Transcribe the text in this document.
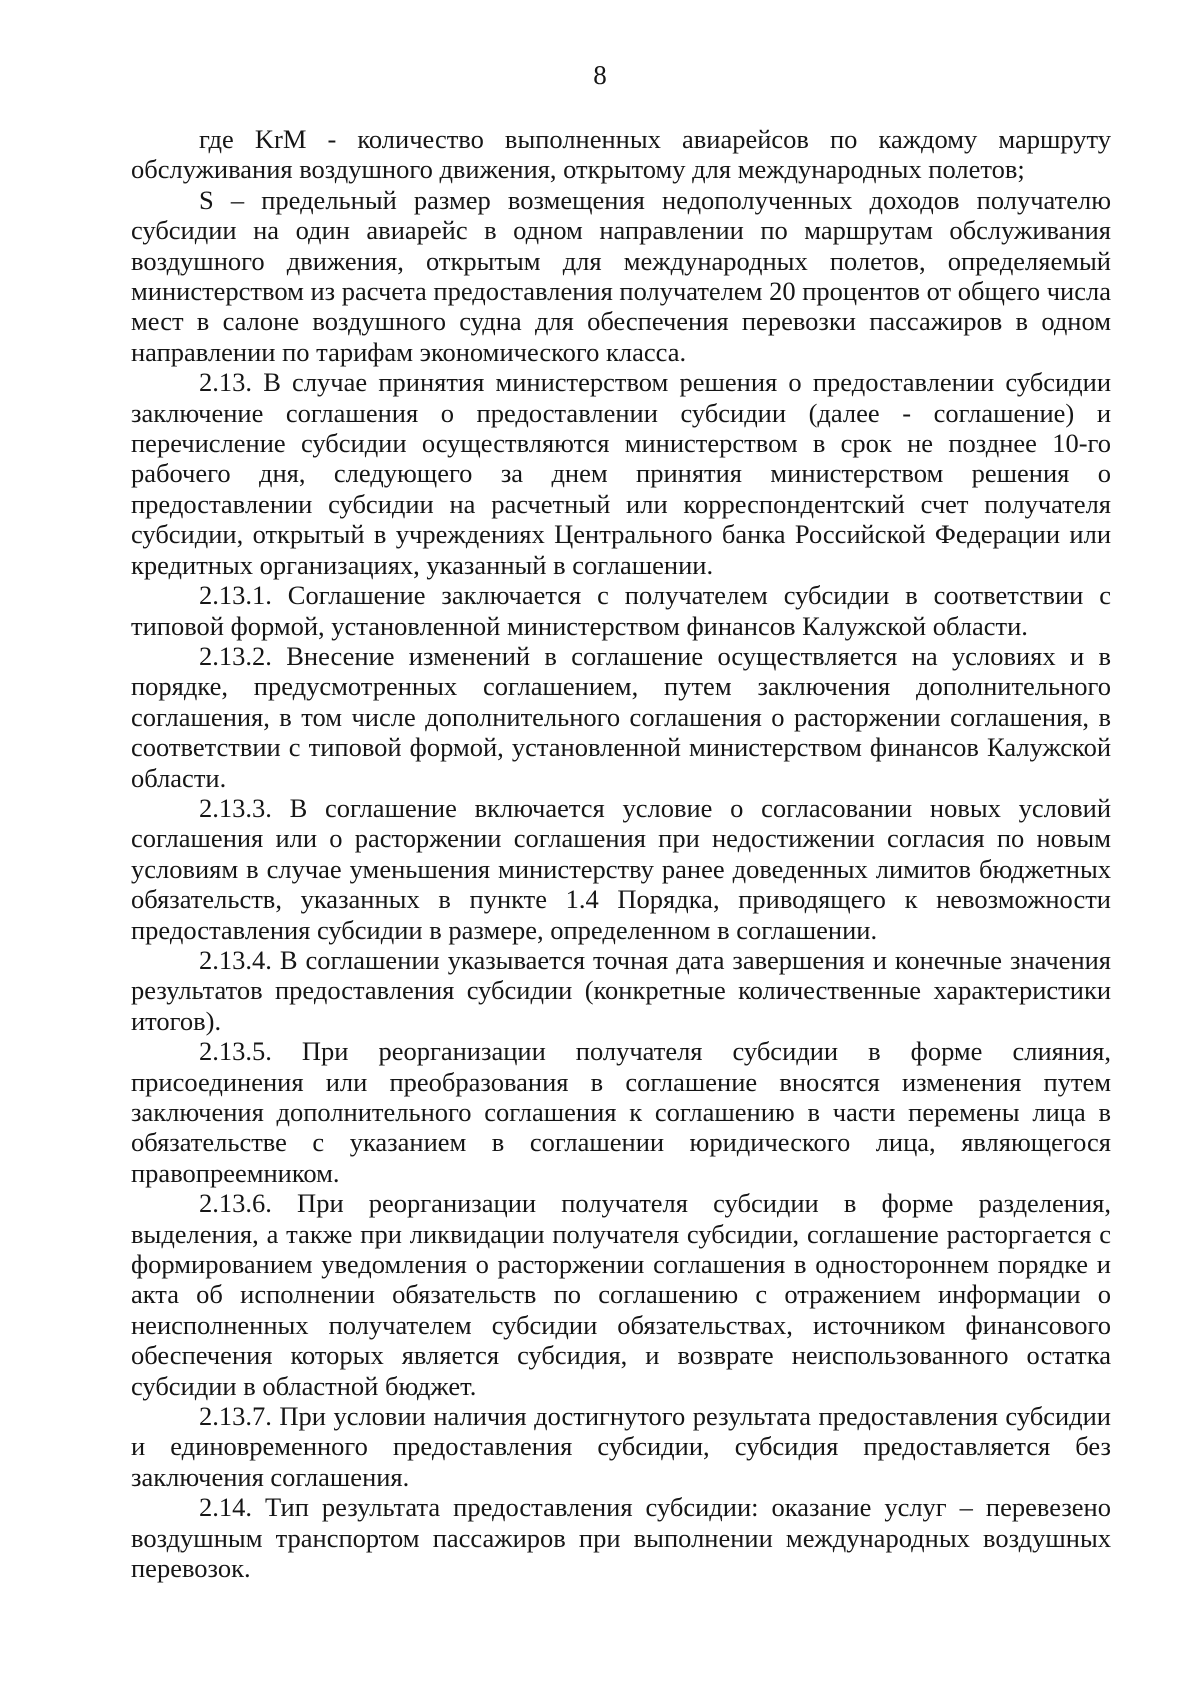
8

где KrM - количество выполненных авиарейсов по каждому маршруту обслуживания воздушного движения, открытому для международных полетов;

S – предельный размер возмещения недополученных доходов получателю субсидии на один авиарейс в одном направлении по маршрутам обслуживания воздушного движения, открытым для международных полетов, определяемый министерством из расчета предоставления получателем 20 процентов от общего числа мест в салоне воздушного судна для обеспечения перевозки пассажиров в одном направлении по тарифам экономического класса.

2.13. В случае принятия министерством решения о предоставлении субсидии заключение соглашения о предоставлении субсидии (далее - соглашение) и перечисление субсидии осуществляются министерством в срок не позднее 10-го рабочего дня, следующего за днем принятия министерством решения о предоставлении субсидии на расчетный или корреспондентский счет получателя субсидии, открытый в учреждениях Центрального банка Российской Федерации или кредитных организациях, указанный в соглашении.

2.13.1. Соглашение заключается с получателем субсидии в соответствии с типовой формой, установленной министерством финансов Калужской области.

2.13.2. Внесение изменений в соглашение осуществляется на условиях и в порядке, предусмотренных соглашением, путем заключения дополнительного соглашения, в том числе дополнительного соглашения о расторжении соглашения, в соответствии с типовой формой, установленной министерством финансов Калужской области.

2.13.3. В соглашение включается условие о согласовании новых условий соглашения или о расторжении соглашения при недостижении согласия по новым условиям в случае уменьшения министерству ранее доведенных лимитов бюджетных обязательств, указанных в пункте 1.4 Порядка, приводящего к невозможности предоставления субсидии в размере, определенном в соглашении.

2.13.4. В соглашении указывается точная дата завершения и конечные значения результатов предоставления субсидии (конкретные количественные характеристики итогов).

2.13.5. При реорганизации получателя субсидии в форме слияния, присоединения или преобразования в соглашение вносятся изменения путем заключения дополнительного соглашения к соглашению в части перемены лица в обязательстве с указанием в соглашении юридического лица, являющегося правопреемником.

2.13.6. При реорганизации получателя субсидии в форме разделения, выделения, а также при ликвидации получателя субсидии, соглашение расторгается с формированием уведомления о расторжении соглашения в одностороннем порядке и акта об исполнении обязательств по соглашению с отражением информации о неисполненных получателем субсидии обязательствах, источником финансового обеспечения которых является субсидия, и возврате неиспользованного остатка субсидии в областной бюджет.

2.13.7. При условии наличия достигнутого результата предоставления субсидии и единовременного предоставления субсидии, субсидия предоставляется без заключения соглашения.

2.14. Тип результата предоставления субсидии: оказание услуг – перевезено воздушным транспортом пассажиров при выполнении международных воздушных перевозок.
